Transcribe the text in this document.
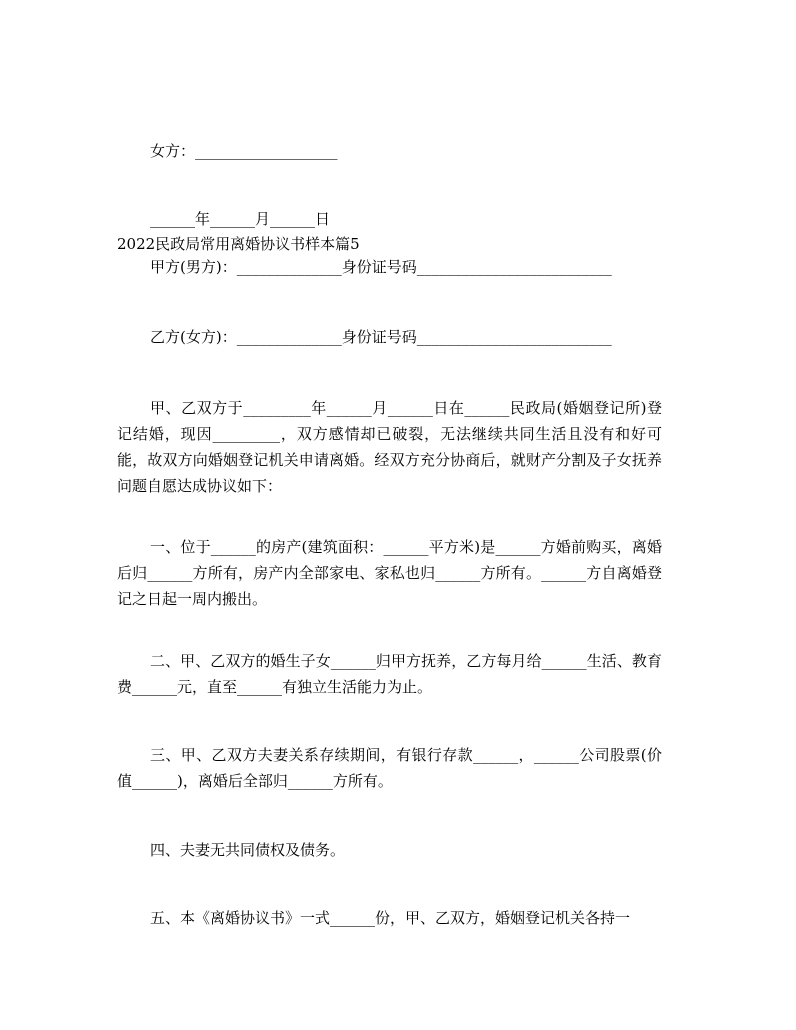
女方：___________________

______年______月______日

2022民政局常用离婚协议书样本篇5

甲方(男方)：______________身份证号码__________________________

乙方(女方)：______________身份证号码__________________________

甲、乙双方于_________年______月______日在______民政局(婚姻登记所)登记结婚，现因_________，双方感情却已破裂，无法继续共同生活且没有和好可能，故双方向婚姻登记机关申请离婚。经双方充分协商后，就财产分割及子女抚养问题自愿达成协议如下：

一、位于______的房产(建筑面积：______平方米)是______方婚前购买，离婚后归______方所有，房产内全部家电、家私也归______方所有。______方自离婚登记之日起一周内搬出。

二、甲、乙双方的婚生子女______归甲方抚养，乙方每月给______生活、教育费______元，直至______有独立生活能力为止。

三、甲、乙双方夫妻关系存续期间，有银行存款______，______公司股票(价值______)，离婚后全部归______方所有。

四、夫妻无共同债权及债务。

五、本《离婚协议书》一式______份，甲、乙双方，婚姻登记机关各持一
